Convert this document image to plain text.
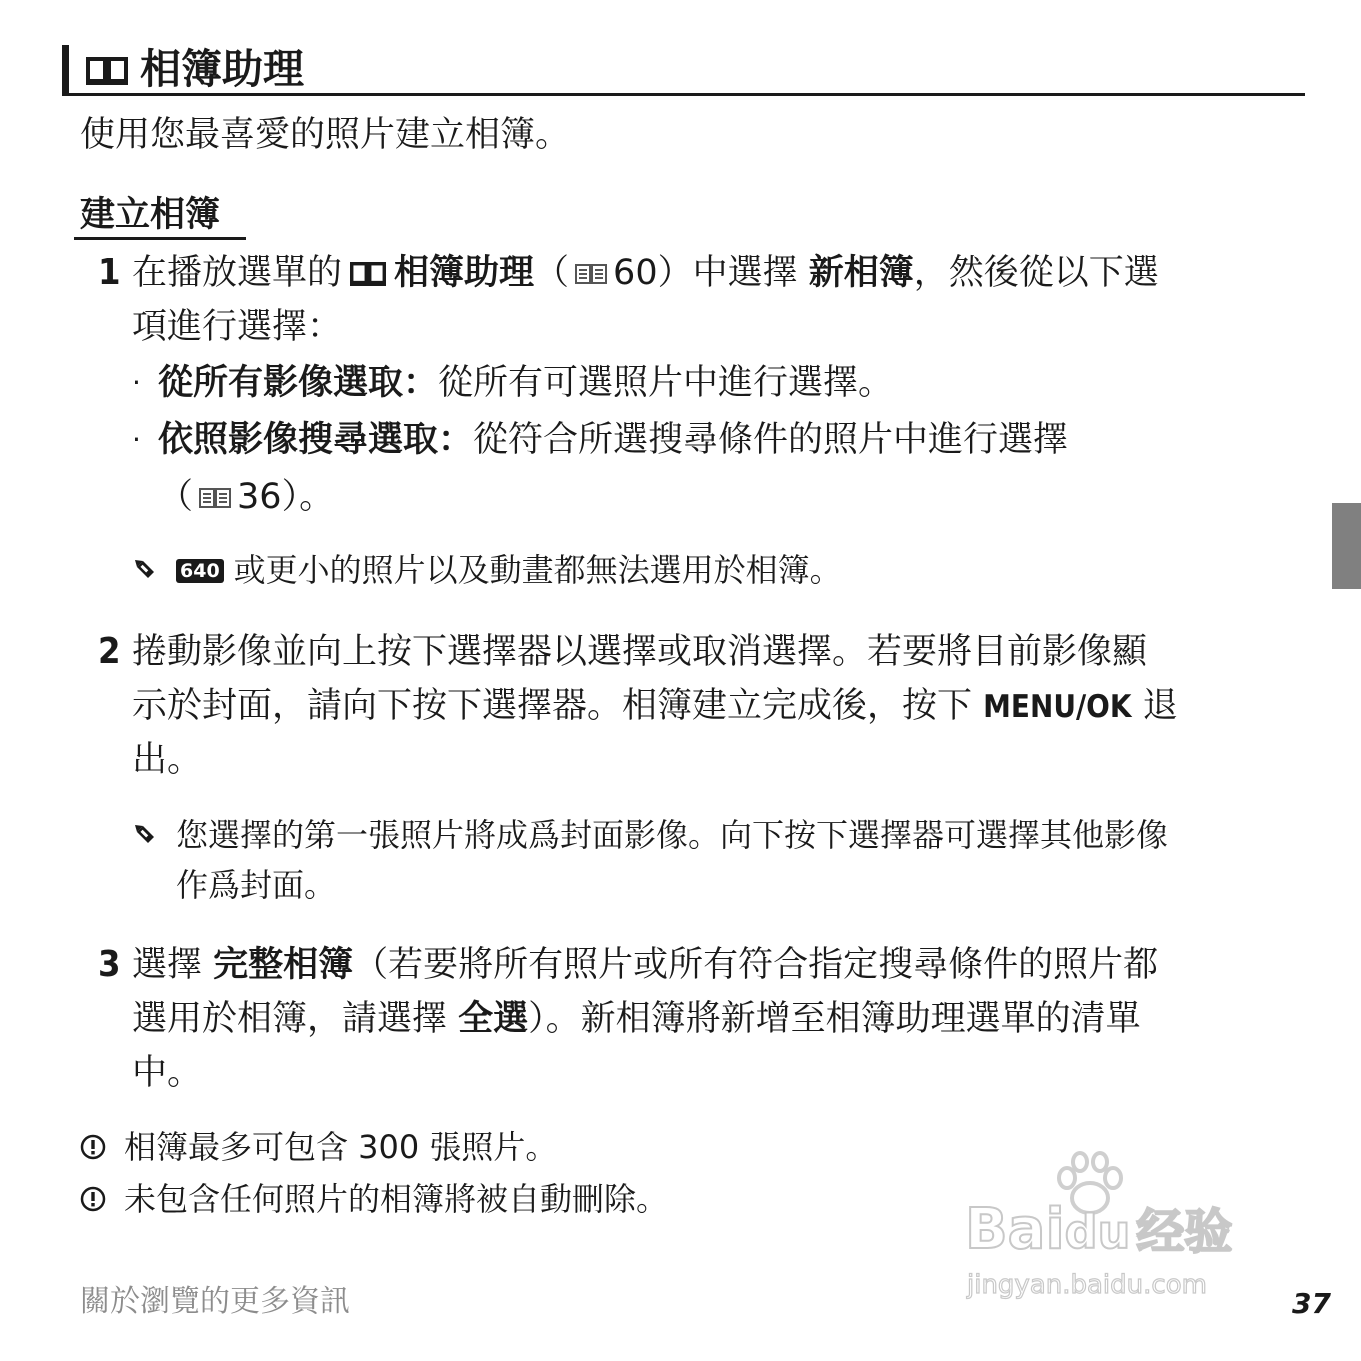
相簿助理
使用您最喜愛的照片建立相簿。
建立相簿
1 在播放選單的 相簿助理（ 60）中選擇 新相簿，然後從以下選
項進行選擇：
· 從所有影像選取：從所有可選照片中進行選擇。
· 依照影像搜尋選取：從符合所選搜尋條件的照片中進行選擇
（ 36）。
640 或更小的照片以及動畫都無法選用於相簿。
2 捲動影像並向上按下選擇器以選擇或取消選擇。若要將目前影像顯
示於封面，請向下按下選擇器。相簿建立完成後，按下 MENU/OK 退
出。
您選擇的第一張照片將成爲封面影像。向下按下選擇器可選擇其他影像
作爲封面。
3 選擇 完整相簿（若要將所有照片或所有符合指定搜尋條件的照片都
選用於相簿，請選擇 全選）。新相簿將新增至相簿助理選單的清單
中。
相簿最多可包含 300 張照片。
未包含任何照片的相簿將被自動刪除。	Baidu 经验
jingyan.baidu.com
關於瀏覽的更多資訊	37
